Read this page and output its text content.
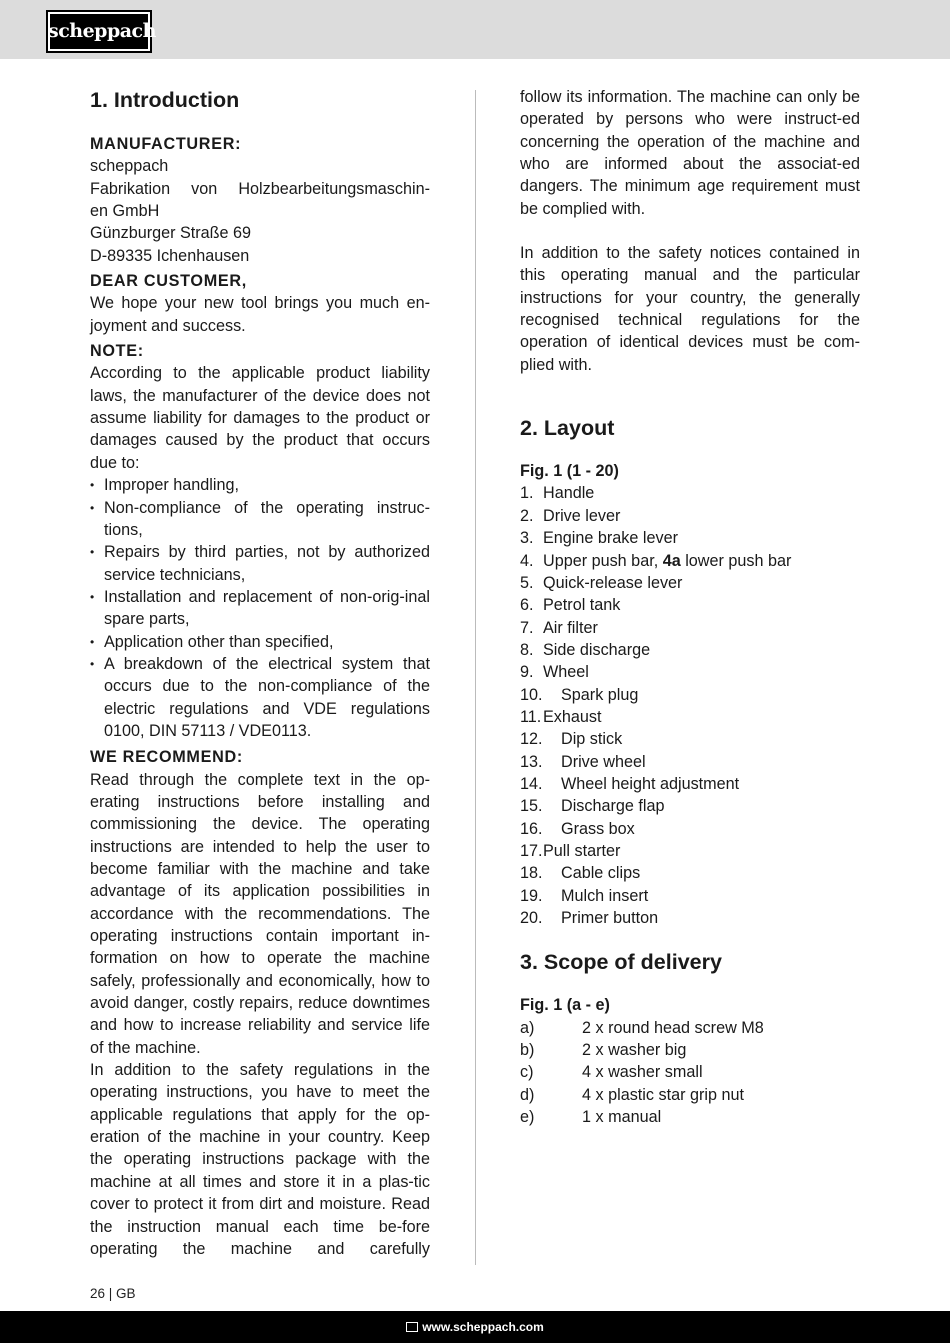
scheppach
1. Introduction

MANUFACTURER:

scheppach

Fabrikation von Holzbearbeitungsmaschin-

en GmbH

Günzburger Straße 69

D-89335 Ichenhausen

DEAR CUSTOMER,

We hope your new tool brings you much en-joyment and success.

NOTE:

According to the applicable product liability laws, the manufacturer of the device does not assume liability for damages to the product or damages caused by the product that occurs due to:

• Improper handling,
• Non-compliance of the operating instruc-tions,
• Repairs by third parties, not by authorized service technicians,
• Installation and replacement of non-orig-inal spare parts,
• Application other than specified,
• A breakdown of the electrical system that occurs due to the non-compliance of the electric regulations and VDE regulations 0100, DIN 57113 / VDE0113.

WE RECOMMEND:

Read through the complete text in the op-erating instructions before installing and commissioning the device. The operating instructions are intended to help the user to become familiar with the machine and take advantage of its application possibilities in accordance with the recommendations. The operating instructions contain important in-formation on how to operate the machine safely, professionally and economically, how to avoid danger, costly repairs, reduce downtimes and how to increase reliability and service life of the machine.

In addition to the safety regulations in the operating instructions, you have to meet the applicable regulations that apply for the op-eration of the machine in your country. Keep the operating instructions package with the machine at all times and store it in a plas-tic cover to protect it from dirt and moisture. Read the instruction manual each time be-fore operating the machine and carefully

follow its information. The machine can only be operated by persons who were instruct-ed concerning the operation of the machine and who are informed about the associat-ed dangers. The minimum age requirement must be complied with.

In addition to the safety notices contained in this operating manual and the particular instructions for your country, the generally recognised technical regulations for the operation of identical devices must be com-plied with.

2. Layout

Fig. 1 (1 - 20)

1. Handle
2. Drive lever
3. Engine brake lever
4. Upper push bar, 4a lower push bar
5. Quick-release lever
6. Petrol tank
7. Air filter
8. Side discharge
9. Wheel
10.	Spark plug
11. Exhaust
12.	Dip stick
13.	Drive wheel
14.	Wheel height adjustment
15.	Discharge flap
16.	Grass box
17. Pull starter
18.	Cable clips
19.	Mulch insert
20.	Primer button
3. Scope of delivery

Fig. 1 (a - e)

a)	2 x round head screw M8
b)	2 x washer big
c)	4 x washer small
d)	4 x plastic star grip nut
e)	1 x manual
26 | GB
www.scheppach.com
